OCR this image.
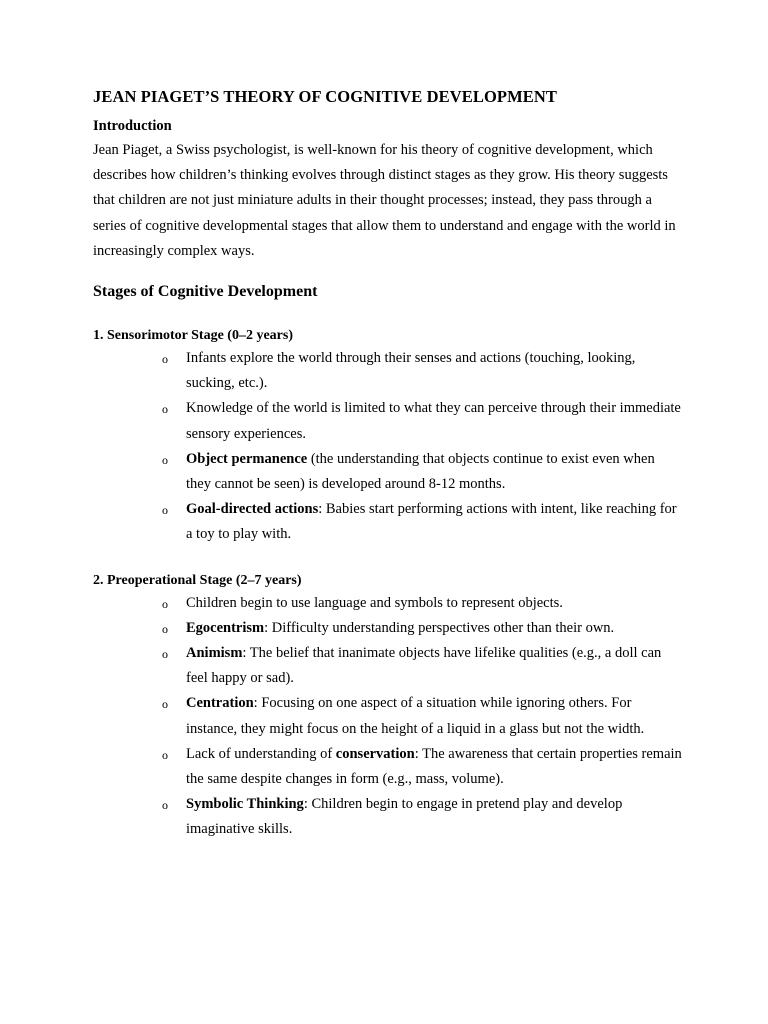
JEAN PIAGET’S THEORY OF COGNITIVE DEVELOPMENT
Introduction
Jean Piaget, a Swiss psychologist, is well-known for his theory of cognitive development, which describes how children’s thinking evolves through distinct stages as they grow. His theory suggests that children are not just miniature adults in their thought processes; instead, they pass through a series of cognitive developmental stages that allow them to understand and engage with the world in increasingly complex ways.
Stages of Cognitive Development
1. Sensorimotor Stage (0–2 years)
o Infants explore the world through their senses and actions (touching, looking, sucking, etc.).
o Knowledge of the world is limited to what they can perceive through their immediate sensory experiences.
o Object permanence (the understanding that objects continue to exist even when they cannot be seen) is developed around 8-12 months.
o Goal-directed actions: Babies start performing actions with intent, like reaching for a toy to play with.
2. Preoperational Stage (2–7 years)
o Children begin to use language and symbols to represent objects.
o Egocentrism: Difficulty understanding perspectives other than their own.
o Animism: The belief that inanimate objects have lifelike qualities (e.g., a doll can feel happy or sad).
o Centration: Focusing on one aspect of a situation while ignoring others. For instance, they might focus on the height of a liquid in a glass but not the width.
o Lack of understanding of conservation: The awareness that certain properties remain the same despite changes in form (e.g., mass, volume).
o Symbolic Thinking: Children begin to engage in pretend play and develop imaginative skills.
